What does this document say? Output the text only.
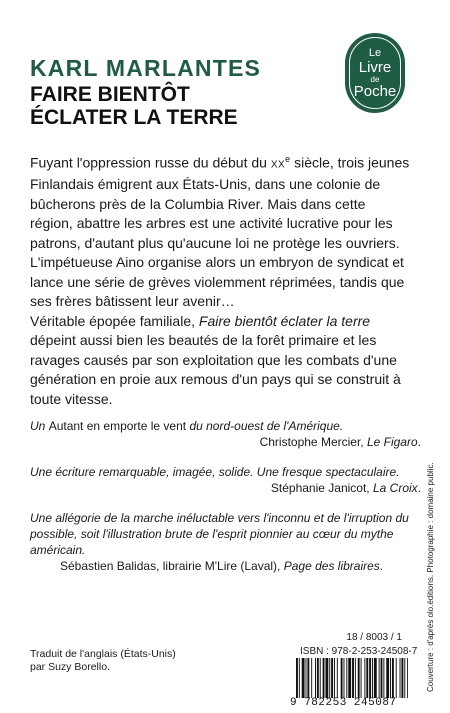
KARL MARLANTES
FAIRE BIENTÔT
ÉCLATER LA TERRE
Le
Livre
de
Poche

Fuyant l'oppression russe du début du XXe siècle, trois jeunes Finlandais émigrent aux États-Unis, dans une colonie de bûcherons près de la Columbia River. Mais dans cette région, abattre les arbres est une activité lucrative pour les patrons, d'autant plus qu'aucune loi ne protège les ouvriers. L'impétueuse Aino organise alors un embryon de syndicat et lance une série de grèves violemment réprimées, tandis que ses frères bâtissent leur avenir…

Véritable épopée familiale, Faire bientôt éclater la terre dépeint aussi bien les beautés de la forêt primaire et les ravages causés par son exploitation que les combats d'une génération en proie aux remous d'un pays qui se construit à toute vitesse.

Un Autant en emporte le vent du nord-ouest de l'Amérique.
Christophe Mercier, Le Figaro.
Une écriture remarquable, imagée, solide. Une fresque spectaculaire.
Stéphanie Janicot, La Croix.
Une allégorie de la marche inéluctable vers l'inconnu et de l'irruption du possible, soit l'illustration brute de l'esprit pionnier au cœur du mythe américain.
Sébastien Balidas, librairie M'Lire (Laval), Page des libraires.
Traduit de l'anglais (États-Unis)
par Suzy Borello.
18 / 8003 / 1
ISBN : 978-2-253-24508-7
9 782253 245087
Couverture : d'après olo.éditions. Photographie : domaine public.
